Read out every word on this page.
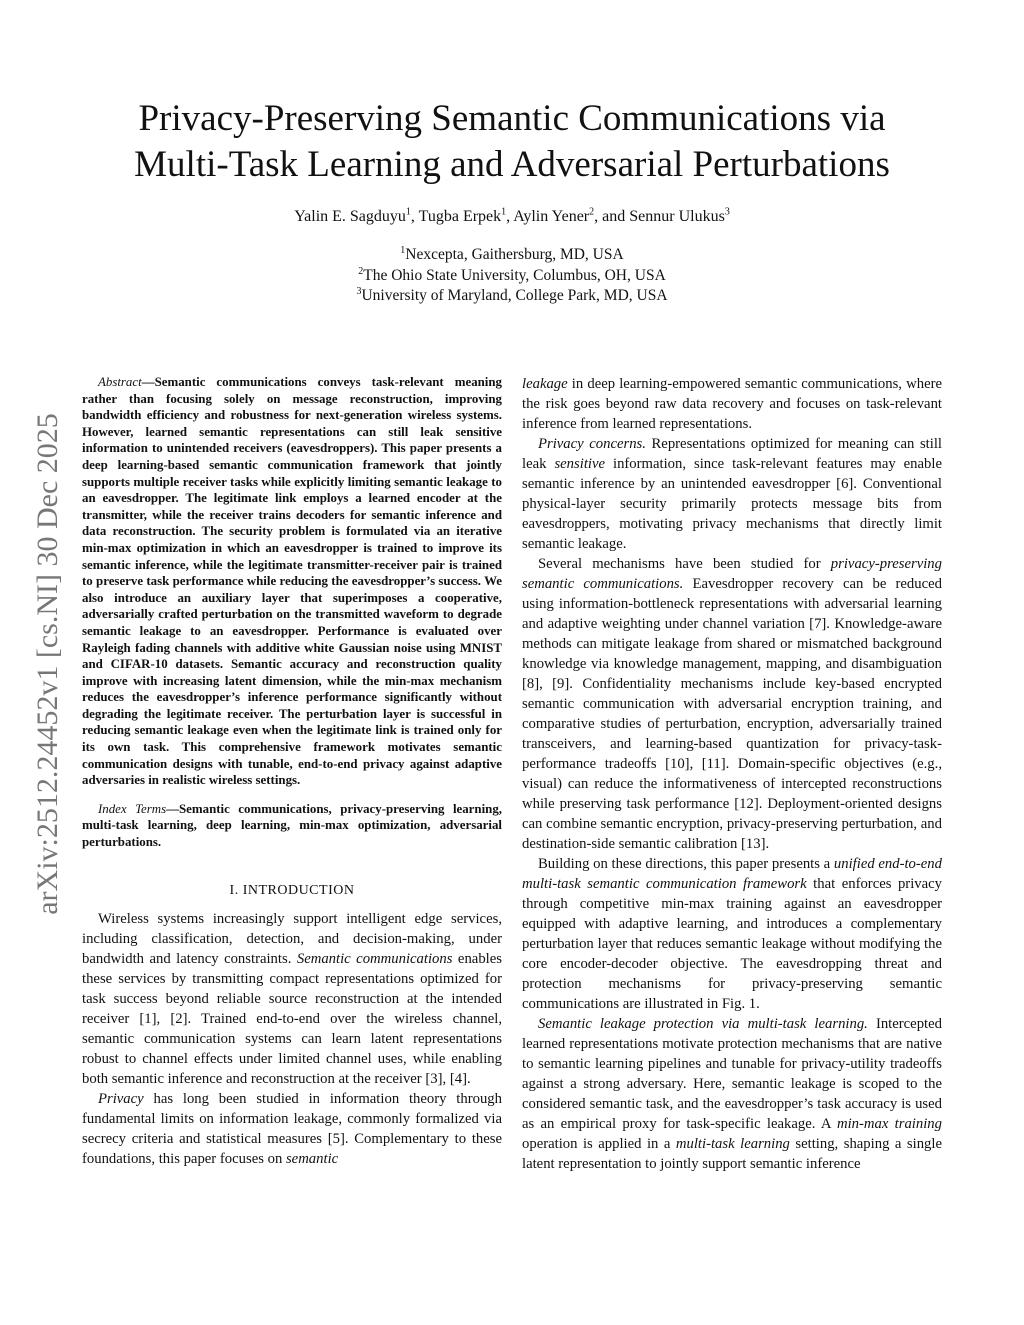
Privacy-Preserving Semantic Communications via
Multi-Task Learning and Adversarial Perturbations
Yalin E. Sagduyu$^1$, Tugba Erpek$^1$, Aylin Yener$^2$, and Sennur Ulukus$^3$
$^1$Nexcepta, Gaithersburg, MD, USA
$^2$The Ohio State University, Columbus, OH, USA
$^3$University of Maryland, College Park, MD, USA
arXiv:2512.24452v1 [cs.NI] 30 Dec 2025

Abstract—Semantic communications conveys task-relevant meaning rather than focusing solely on message reconstruction, improving bandwidth efficiency and robustness for next-generation wireless systems. However, learned semantic representations can still leak sensitive information to unintended receivers (eavesdroppers). This paper presents a deep learning-based semantic communication framework that jointly supports multiple receiver tasks while explicitly limiting semantic leakage to an eavesdropper. The legitimate link employs a learned encoder at the transmitter, while the receiver trains decoders for semantic inference and data reconstruction. The security problem is formulated via an iterative min-max optimization in which an eavesdropper is trained to improve its semantic inference, while the legitimate transmitter-receiver pair is trained to preserve task performance while reducing the eavesdropper’s success. We also introduce an auxiliary layer that superimposes a cooperative, adversarially crafted perturbation on the transmitted waveform to degrade semantic leakage to an eavesdropper. Performance is evaluated over Rayleigh fading channels with additive white Gaussian noise using MNIST and CIFAR-10 datasets. Semantic accuracy and reconstruction quality improve with increasing latent dimension, while the min-max mechanism reduces the eavesdropper’s inference performance significantly without degrading the legitimate receiver. The perturbation layer is successful in reducing semantic leakage even when the legitimate link is trained only for its own task. This comprehensive framework motivates semantic communication designs with tunable, end-to-end privacy against adaptive adversaries in realistic wireless settings.

Index Terms—Semantic communications, privacy-preserving learning, multi-task learning, deep learning, min-max optimization, adversarial perturbations.

I. INTRODUCTION

Wireless systems increasingly support intelligent edge services, including classification, detection, and decision-making, under bandwidth and latency constraints. Semantic communications enables these services by transmitting compact representations optimized for task success beyond reliable source reconstruction at the intended receiver [1], [2]. Trained end-to-end over the wireless channel, semantic communication systems can learn latent representations robust to channel effects under limited channel uses, while enabling both semantic inference and reconstruction at the receiver [3], [4].

Privacy has long been studied in information theory through fundamental limits on information leakage, commonly formalized via secrecy criteria and statistical measures [5]. Complementary to these foundations, this paper focuses on semantic

leakage in deep learning-empowered semantic communications, where the risk goes beyond raw data recovery and focuses on task-relevant inference from learned representations.

Privacy concerns. Representations optimized for meaning can still leak sensitive information, since task-relevant features may enable semantic inference by an unintended eavesdropper [6]. Conventional physical-layer security primarily protects message bits from eavesdroppers, motivating privacy mechanisms that directly limit semantic leakage.

Several mechanisms have been studied for privacy-preserving semantic communications. Eavesdropper recovery can be reduced using information-bottleneck representations with adversarial learning and adaptive weighting under channel variation [7]. Knowledge-aware methods can mitigate leakage from shared or mismatched background knowledge via knowledge management, mapping, and disambiguation [8], [9]. Confidentiality mechanisms include key-based encrypted semantic communication with adversarial encryption training, and comparative studies of perturbation, encryption, adversarially trained transceivers, and learning-based quantization for privacy-task-performance tradeoffs [10], [11]. Domain-specific objectives (e.g., visual) can reduce the informativeness of intercepted reconstructions while preserving task performance [12]. Deployment-oriented designs can combine semantic encryption, privacy-preserving perturbation, and destination-side semantic calibration [13].

Building on these directions, this paper presents a unified end-to-end multi-task semantic communication framework that enforces privacy through competitive min-max training against an eavesdropper equipped with adaptive learning, and introduces a complementary perturbation layer that reduces semantic leakage without modifying the core encoder-decoder objective. The eavesdropping threat and protection mechanisms for privacy-preserving semantic communications are illustrated in Fig. 1.

Semantic leakage protection via multi-task learning. Intercepted learned representations motivate protection mechanisms that are native to semantic learning pipelines and tunable for privacy-utility tradeoffs against a strong adversary. Here, semantic leakage is scoped to the considered semantic task, and the eavesdropper’s task accuracy is used as an empirical proxy for task-specific leakage. A min-max training operation is applied in a multi-task learning setting, shaping a single latent representation to jointly support semantic inference
